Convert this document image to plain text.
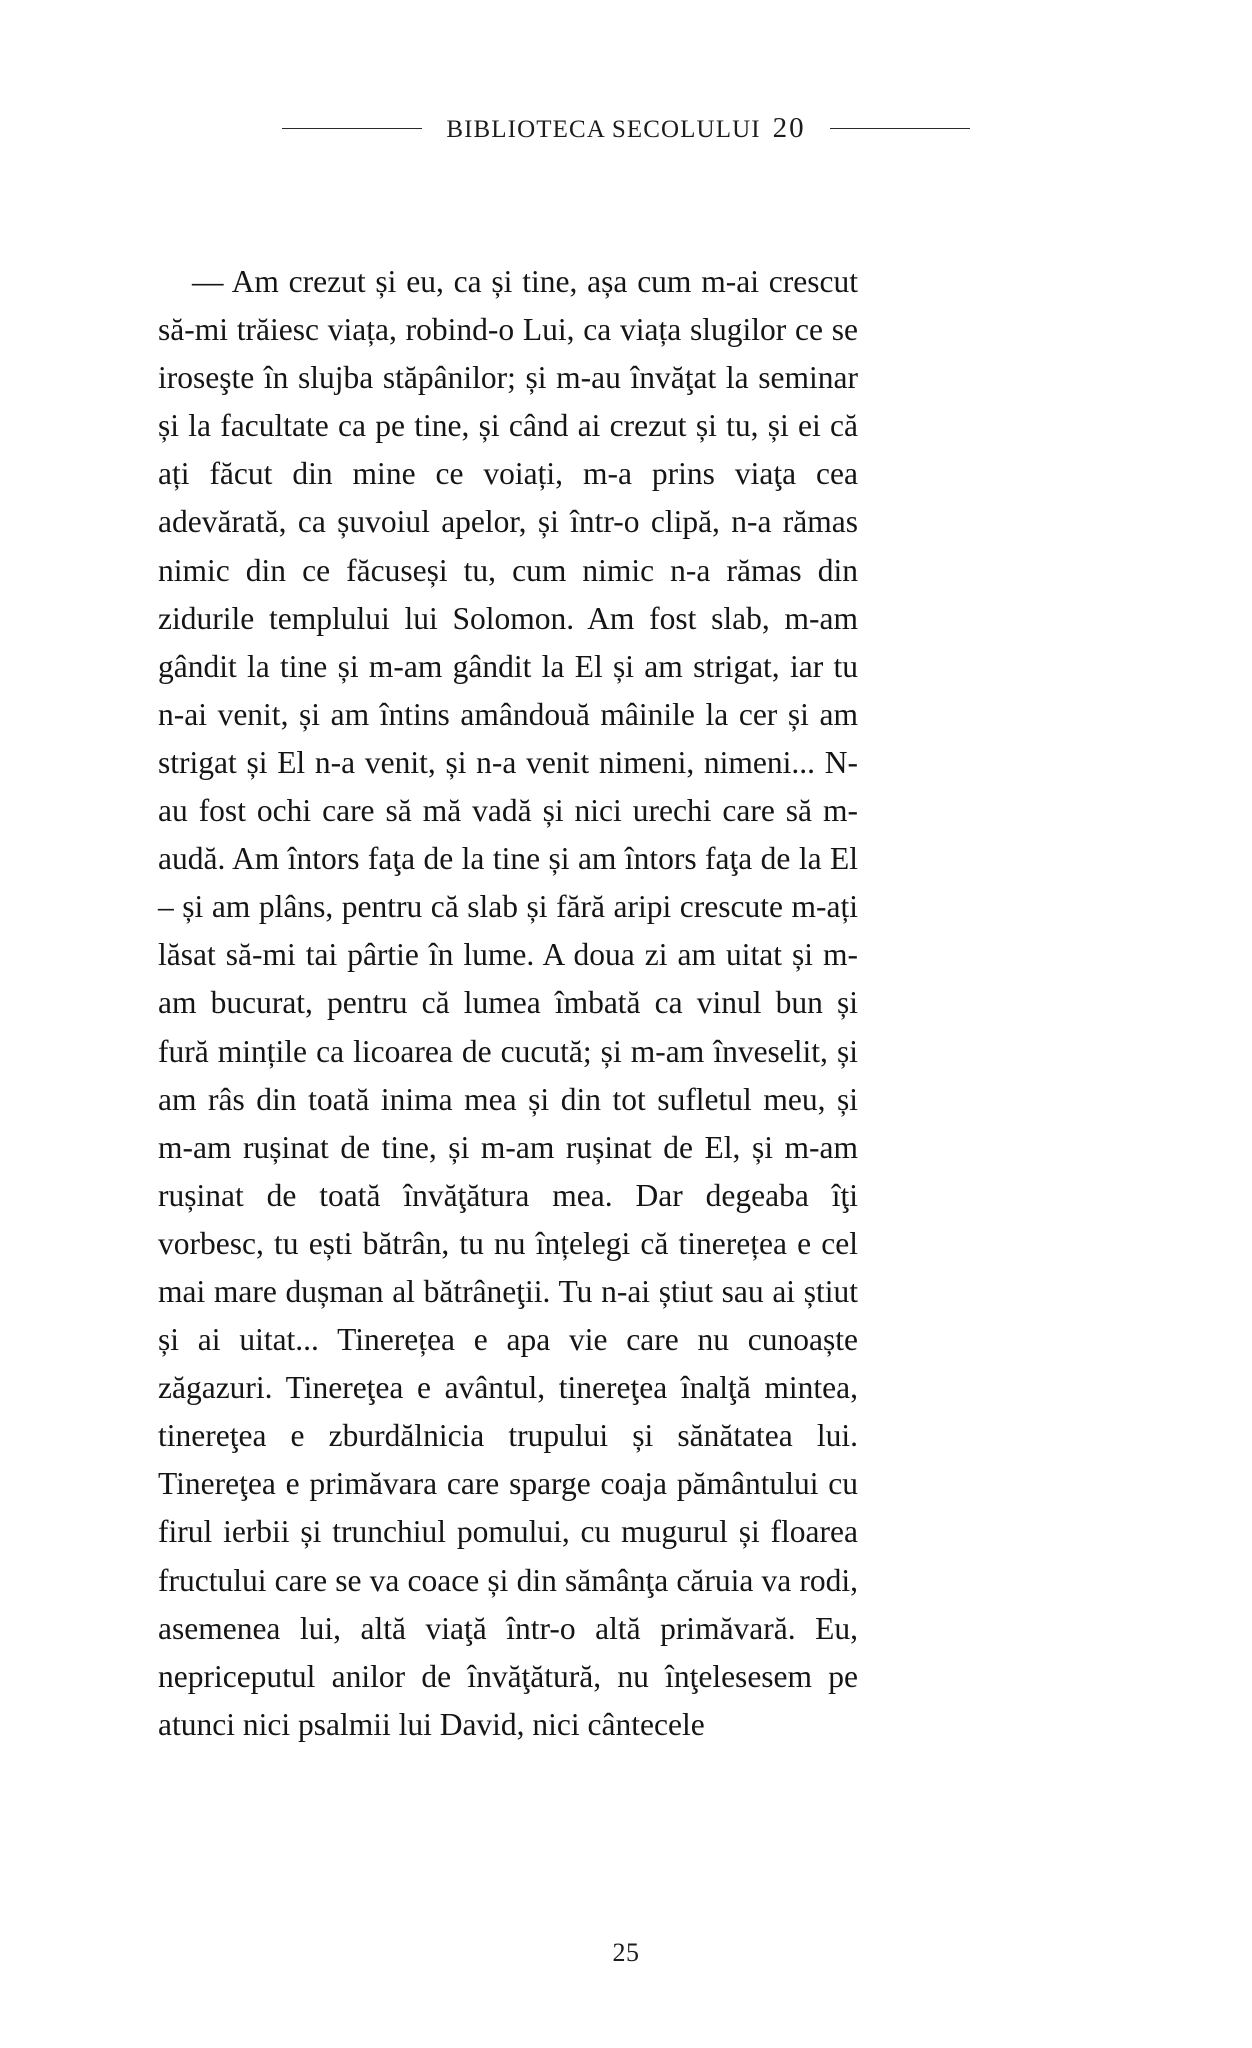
BIBLIOTECA SECOLULUI 20

— Am crezut și eu, ca și tine, așa cum m-ai crescut să-mi trăiesc viața, robind-o Lui, ca viața slugilor ce se iroseşte în slujba stăpânilor; și m-au învăţat la seminar și la facultate ca pe tine, și când ai crezut și tu, și ei că ați făcut din mine ce voiați, m-a prins viaţa cea adevărată, ca șuvoiul apelor, și într-o clipă, n-a rămas nimic din ce făcuseși tu, cum nimic n-a rămas din zidurile templului lui Solomon. Am fost slab, m-am gândit la tine și m-am gândit la El și am strigat, iar tu n-ai venit, și am întins amândouă mâinile la cer și am strigat și El n-a venit, și n-a venit nimeni, nimeni... N-au fost ochi care să mă vadă și nici urechi care să m-audă. Am întors faţa de la tine și am întors faţa de la El – și am plâns, pentru că slab și fără aripi crescute m-ați lăsat să-mi tai pârtie în lume. A doua zi am uitat și m-am bucurat, pentru că lumea îmbată ca vinul bun și fură mințile ca licoarea de cucută; și m-am înveselit, și am râs din toată inima mea și din tot sufletul meu, și m-am rușinat de tine, și m-am rușinat de El, și m-am rușinat de toată învăţătura mea. Dar degeaba îţi vorbesc, tu ești bătrân, tu nu înțelegi că tinerețea e cel mai mare dușman al bătrâneţii. Tu n-ai știut sau ai știut și ai uitat... Tinerețea e apa vie care nu cunoaște zăgazuri. Tinereţea e avântul, tinereţea înalţă mintea, tinereţea e zburdălnicia trupului și sănătatea lui. Tinereţea e primăvara care sparge coaja pământului cu firul ierbii și trunchiul pomului, cu mugurul și floarea fructului care se va coace și din sămânţa căruia va rodi, asemenea lui, altă viaţă într-o altă primăvară. Eu, nepriceputul anilor de învăţătură, nu înţelesesem pe atunci nici psalmii lui David, nici cântecele

25
